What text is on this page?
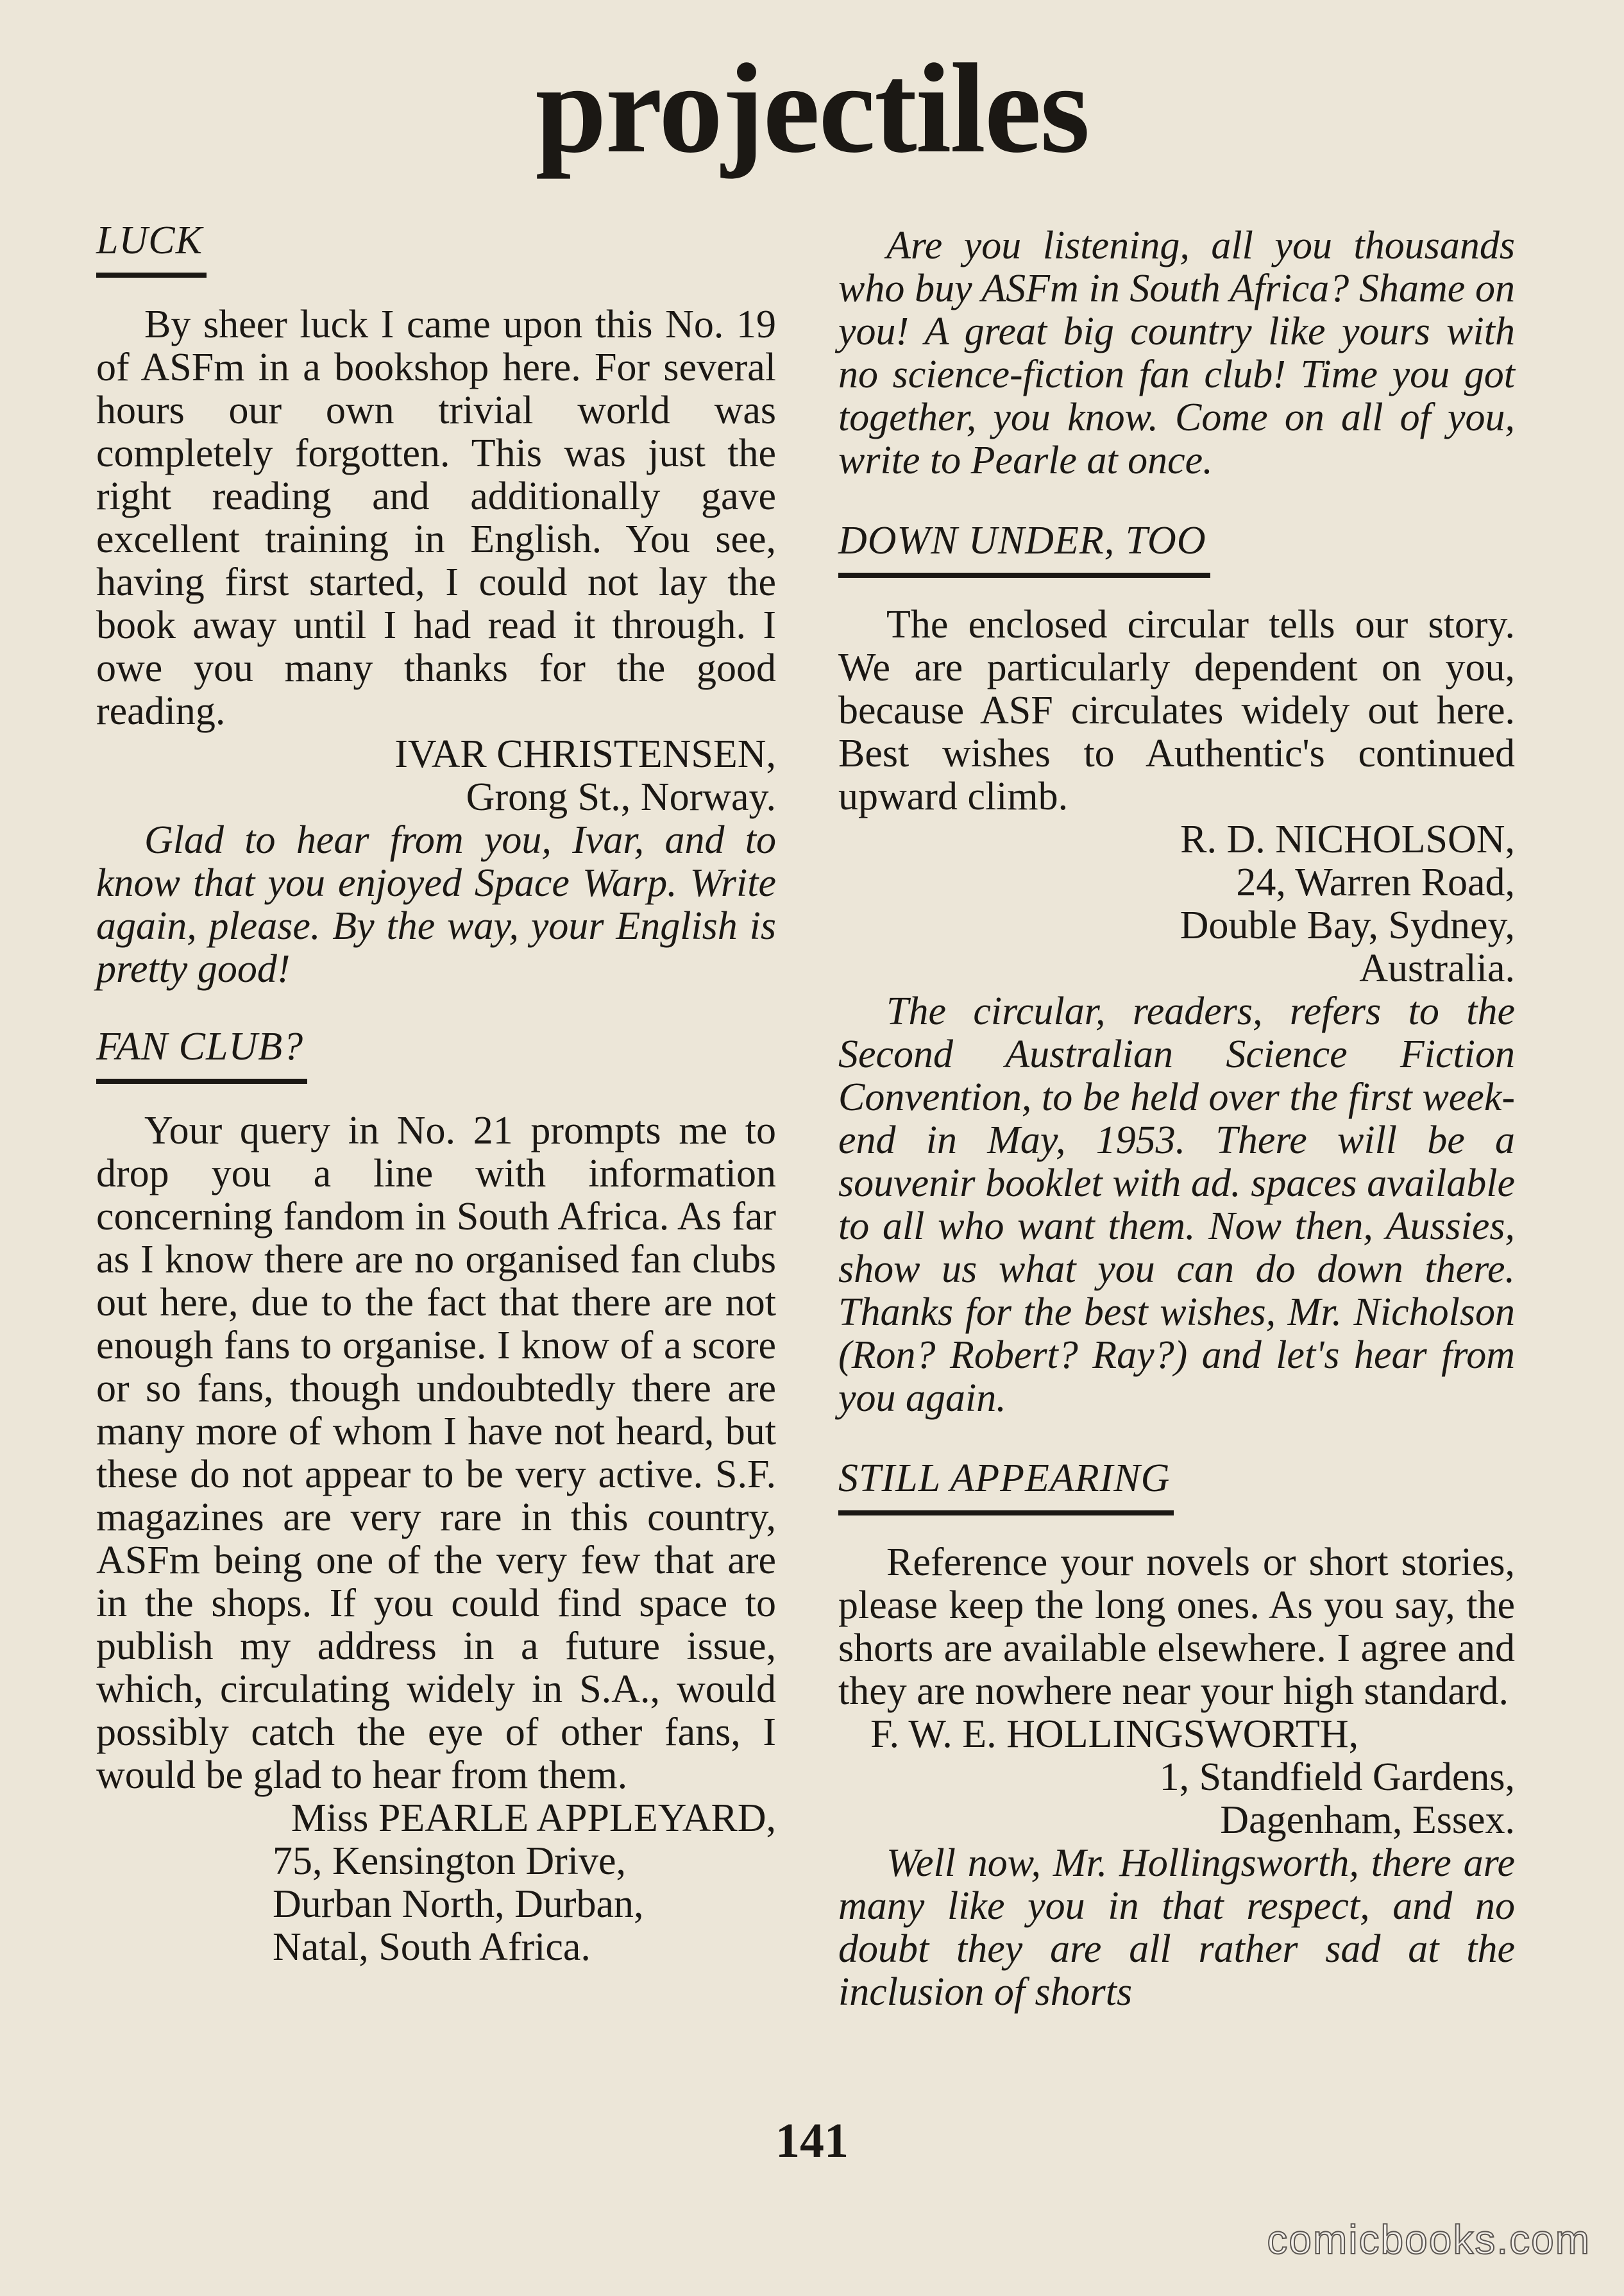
projectiles
LUCK

By sheer luck I came upon this No. 19 of ASFm in a bookshop here. For several hours our own trivial world was completely forgotten. This was just the right reading and additionally gave excellent training in English. You see, having first started, I could not lay the book away until I had read it through. I owe you many thanks for the good reading.

IVAR CHRISTENSEN,

Grong St., Norway.

Glad to hear from you, Ivar, and to know that you enjoyed Space Warp. Write again, please. By the way, your English is pretty good!

FAN CLUB?

Your query in No. 21 prompts me to drop you a line with information concerning fandom in South Africa. As far as I know there are no organised fan clubs out here, due to the fact that there are not enough fans to organise. I know of a score or so fans, though undoubtedly there are many more of whom I have not heard, but these do not appear to be very active. S.F. magazines are very rare in this country, ASFm being one of the very few that are in the shops. If you could find space to publish my address in a future issue, which, circulating widely in S.A., would possibly catch the eye of other fans, I would be glad to hear from them.

Miss PEARLE APPLEYARD,

75, Kensington Drive,

Durban North, Durban,

Natal, South Africa.

Are you listening, all you thousands who buy ASFm in South Africa? Shame on you! A great big country like yours with no science-fiction fan club! Time you got together, you know. Come on all of you, write to Pearle at once.

DOWN UNDER, TOO

The enclosed circular tells our story. We are particularly dependent on you, because ASF circulates widely out here. Best wishes to Authentic's continued upward climb.

R. D. NICHOLSON,

24, Warren Road,

Double Bay, Sydney,

Australia.

The circular, readers, refers to the Second Australian Science Fiction Convention, to be held over the first week-end in May, 1953. There will be a souvenir booklet with ad. spaces available to all who want them. Now then, Aussies, show us what you can do down there. Thanks for the best wishes, Mr. Nicholson (Ron? Robert? Ray?) and let's hear from you again.

STILL APPEARING

Reference your novels or short stories, please keep the long ones. As you say, the shorts are available elsewhere. I agree and they are nowhere near your high standard.

F. W. E. HOLLINGSWORTH,

1, Standfield Gardens,

Dagenham, Essex.

Well now, Mr. Hollingsworth, there are many like you in that respect, and no doubt they are all rather sad at the inclusion of shorts

141
comicbooks.com
